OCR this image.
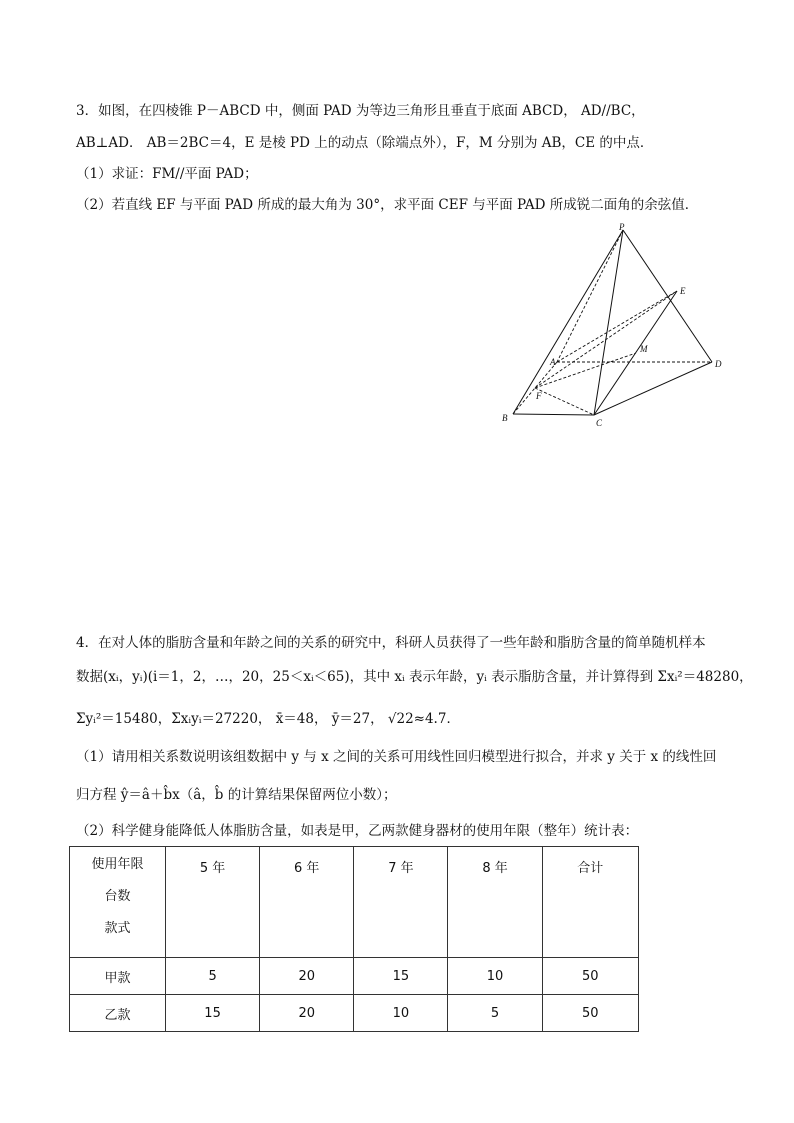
3．如图，在四棱锥 P－ABCD 中，侧面 PAD 为等边三角形且垂直于底面 ABCD， AD//BC，
AB⊥AD． AB＝2BC＝4，E 是棱 PD 上的动点（除端点外），F，M 分别为 AB，CE 的中点．
（1）求证：FM//平面 PAD；
（2）若直线 EF 与平面 PAD 所成的最大角为 30°，求平面 CEF 与平面 PAD 所成锐二面角的余弦值．
P
E
A
M
D
F
B	C
4．在对人体的脂肪含量和年龄之间的关系的研究中，科研人员获得了一些年龄和脂肪含量的简单随机样本
数据(xᵢ，yᵢ)(i＝1，2，…，20，25＜xᵢ＜65)，其中 xᵢ 表示年龄，yᵢ 表示脂肪含量，并计算得到 Σxᵢ²＝48280，
Σyᵢ²＝15480，Σxᵢyᵢ＝27220， x̄＝48， ȳ＝27， √22≈4.7．
（1）请用相关系数说明该组数据中 y 与 x 之间的关系可用线性回归模型进行拟合，并求 y 关于 x 的线性回
归方程 ŷ＝â＋b̂x（â，b̂ 的计算结果保留两位小数）；
（2）科学健身能降低人体脂肪含量，如表是甲，乙两款健身器材的使用年限（整年）统计表：
使用年限
台数
款式	5 年	6 年	7 年	8 年	合计
甲款	5	20	15	10	50
乙款	15	20	10	5	50
